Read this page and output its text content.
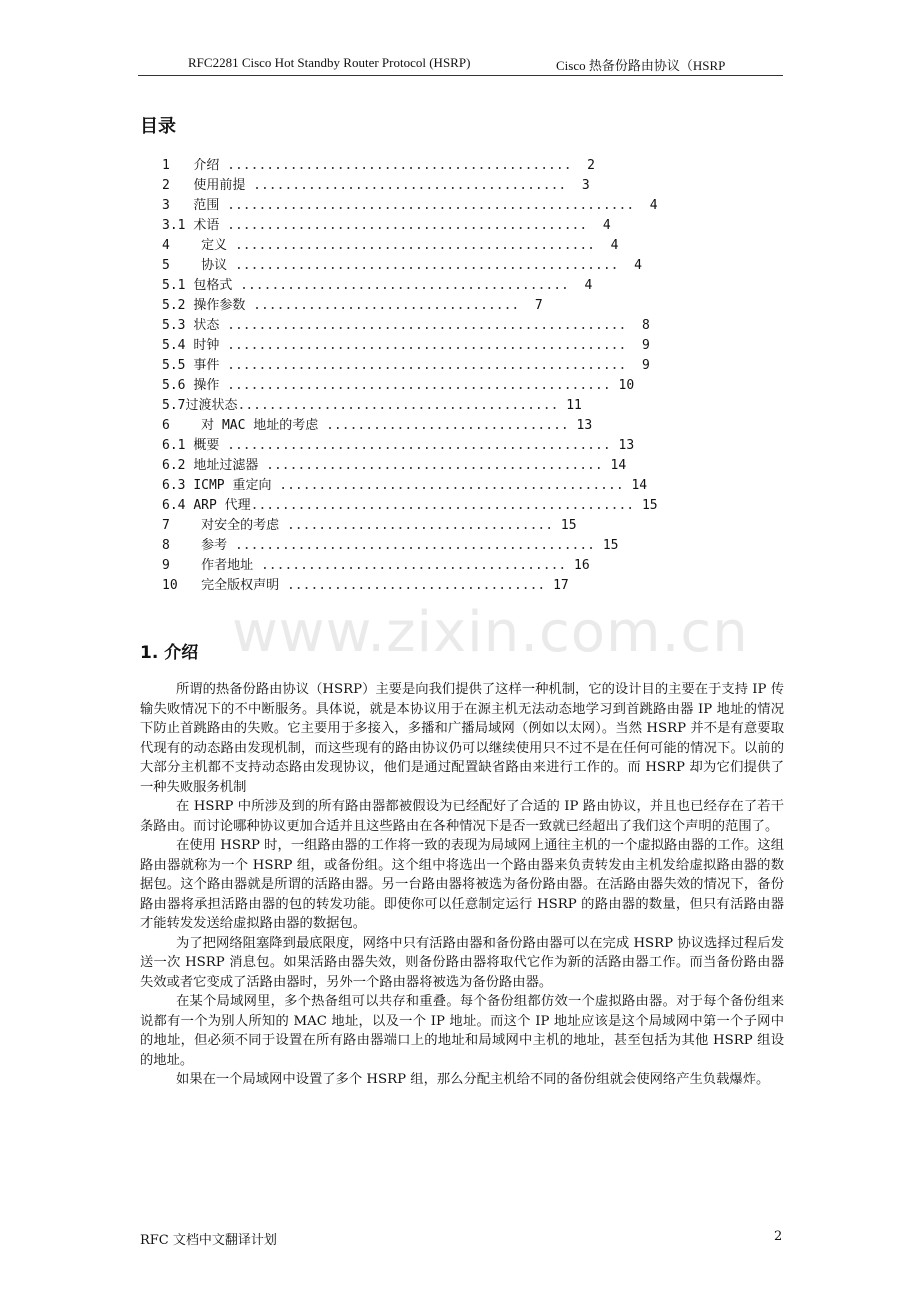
RFC2281 Cisco Hot Standby Router Protocol (HSRP)	Cisco 热备份路由协议（HSRP
目录
1   介绍 ............................................  2
2   使用前提 ........................................  3
3   范围 ....................................................  4
3.1 术语 ..............................................  4
4    定义 ..............................................  4
5    协议 .................................................  4
5.1 包格式 ..........................................  4
5.2 操作参数 ..................................  7
5.3 状态 ...................................................  8
5.4 时钟 ...................................................  9
5.5 事件 ...................................................  9
5.6 操作 ................................................. 10
5.7过渡状态......................................... 11
6    对 MAC 地址的考虑 ............................... 13
6.1 概要 ................................................. 13
6.2 地址过滤器 ........................................... 14
6.3 ICMP 重定向 ............................................ 14
6.4 ARP 代理................................................. 15
7    对安全的考虑 .................................. 15
8    参考 .............................................. 15
9    作者地址 ....................................... 16
10   完全版权声明 ................................. 17
www.zixin.com.cn
1. 介绍

所谓的热备份路由协议（HSRP）主要是向我们提供了这样一种机制，它的设计目的主要在于支持 IP 传输失败情况下的不中断服务。具体说，就是本协议用于在源主机无法动态地学习到首跳路由器 IP 地址的情况下防止首跳路由的失败。它主要用于多接入，多播和广播局域网（例如以太网）。当然 HSRP 并不是有意要取代现有的动态路由发现机制，而这些现有的路由协议仍可以继续使用只不过不是在任何可能的情况下。以前的大部分主机都不支持动态路由发现协议，他们是通过配置缺省路由来进行工作的。而 HSRP 却为它们提供了一种失败服务机制

在 HSRP 中所涉及到的所有路由器都被假设为已经配好了合适的 IP 路由协议，并且也已经存在了若干条路由。而讨论哪种协议更加合适并且这些路由在各种情况下是否一致就已经超出了我们这个声明的范围了。

在使用 HSRP 时，一组路由器的工作将一致的表现为局域网上通往主机的一个虚拟路由器的工作。这组路由器就称为一个 HSRP 组，或备份组。这个组中将选出一个路由器来负责转发由主机发给虚拟路由器的数据包。这个路由器就是所谓的活路由器。另一台路由器将被选为备份路由器。在活路由器失效的情况下，备份路由器将承担活路由器的包的转发功能。即使你可以任意制定运行 HSRP 的路由器的数量，但只有活路由器才能转发发送给虚拟路由器的数据包。

为了把网络阻塞降到最底限度，网络中只有活路由器和备份路由器可以在完成 HSRP 协议选择过程后发送一次 HSRP 消息包。如果活路由器失效，则备份路由器将取代它作为新的活路由器工作。而当备份路由器失效或者它变成了活路由器时，另外一个路由器将被选为备份路由器。

在某个局域网里，多个热备组可以共存和重叠。每个备份组都仿效一个虚拟路由器。对于每个备份组来说都有一个为别人所知的 MAC 地址，以及一个 IP 地址。而这个 IP 地址应该是这个局域网中第一个子网中的地址，但必须不同于设置在所有路由器端口上的地址和局域网中主机的地址，甚至包括为其他 HSRP 组设的地址。

如果在一个局域网中设置了多个 HSRP 组，那么分配主机给不同的备份组就会使网络产生负载爆炸。

RFC 文档中文翻译计划	2
